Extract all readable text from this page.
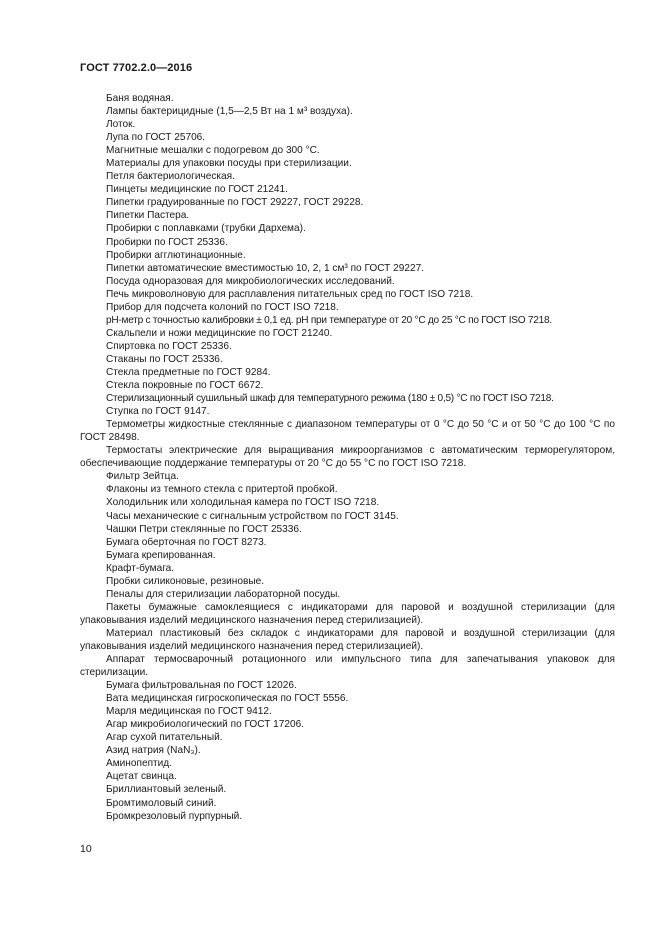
ГОСТ 7702.2.0—2016

Баня водяная.

Лампы бактерицидные (1,5—2,5 Вт на 1 м³ воздуха).

Лоток.

Лупа по ГОСТ 25706.

Магнитные мешалки с подогревом до 300 °С.

Материалы для упаковки посуды при стерилизации.

Петля бактериологическая.

Пинцеты медицинские по ГОСТ 21241.

Пипетки градуированные по ГОСТ 29227, ГОСТ 29228.

Пипетки Пастера.

Пробирки с поплавками (трубки Дархема).

Пробирки по ГОСТ 25336.

Пробирки агглютинационные.

Пипетки автоматические вместимостью 10, 2, 1 см³ по ГОСТ 29227.

Посуда одноразовая для микробиологических исследований.

Печь микроволновую для расплавления питательных сред по ГОСТ ISO 7218.

Прибор для подсчета колоний по ГОСТ ISO 7218.

pH-метр с точностью калибровки ± 0,1 ед. pH при температуре от 20 °С до 25 °С по ГОСТ ISO 7218.

Скальпели и ножи медицинские по ГОСТ 21240.

Спиртовка по ГОСТ 25336.

Стаканы по ГОСТ 25336.

Стекла предметные по ГОСТ 9284.

Стекла покровные по ГОСТ 6672.

Стерилизационный сушильный шкаф для температурного режима (180 ± 0,5) °С по ГОСТ ISO 7218.

Ступка по ГОСТ 9147.

Термометры жидкостные стеклянные с диапазоном температуры от 0 °С до 50 °С и от 50 °С до 100 °С по ГОСТ 28498.

Термостаты электрические для выращивания микроорганизмов с автоматическим терморегулятором, обеспечивающие поддержание температуры от 20 °С до 55 °С по ГОСТ ISO 7218.

Фильтр Зейтца.

Флаконы из темного стекла с притертой пробкой.

Холодильник или холодильная камера по ГОСТ ISO 7218.

Часы механические с сигнальным устройством по ГОСТ 3145.

Чашки Петри стеклянные по ГОСТ 25336.

Бумага оберточная по ГОСТ 8273.

Бумага крепированная.

Крафт-бумага.

Пробки силиконовые, резиновые.

Пеналы для стерилизации лабораторной посуды.

Пакеты бумажные самоклеящиеся с индикаторами для паровой и воздушной стерилизации (для упаковывания изделий медицинского назначения перед стерилизацией).

Материал пластиковый без складок с индикаторами для паровой и воздушной стерилизации (для упаковывания изделий медицинского назначения перед стерилизацией).

Аппарат термосварочный ротационного или импульсного типа для запечатывания упаковок для стерилизации.

Бумага фильтровальная по ГОСТ 12026.

Вата медицинская гигроскопическая по ГОСТ 5556.

Марля медицинская по ГОСТ 9412.

Агар микробиологический по ГОСТ 17206.

Агар сухой питательный.

Азид натрия (NaN₃).

Аминопептид.

Ацетат свинца.

Бриллиантовый зеленый.

Бромтимоловый синий.

Бромкрезоловый пурпурный.

10
